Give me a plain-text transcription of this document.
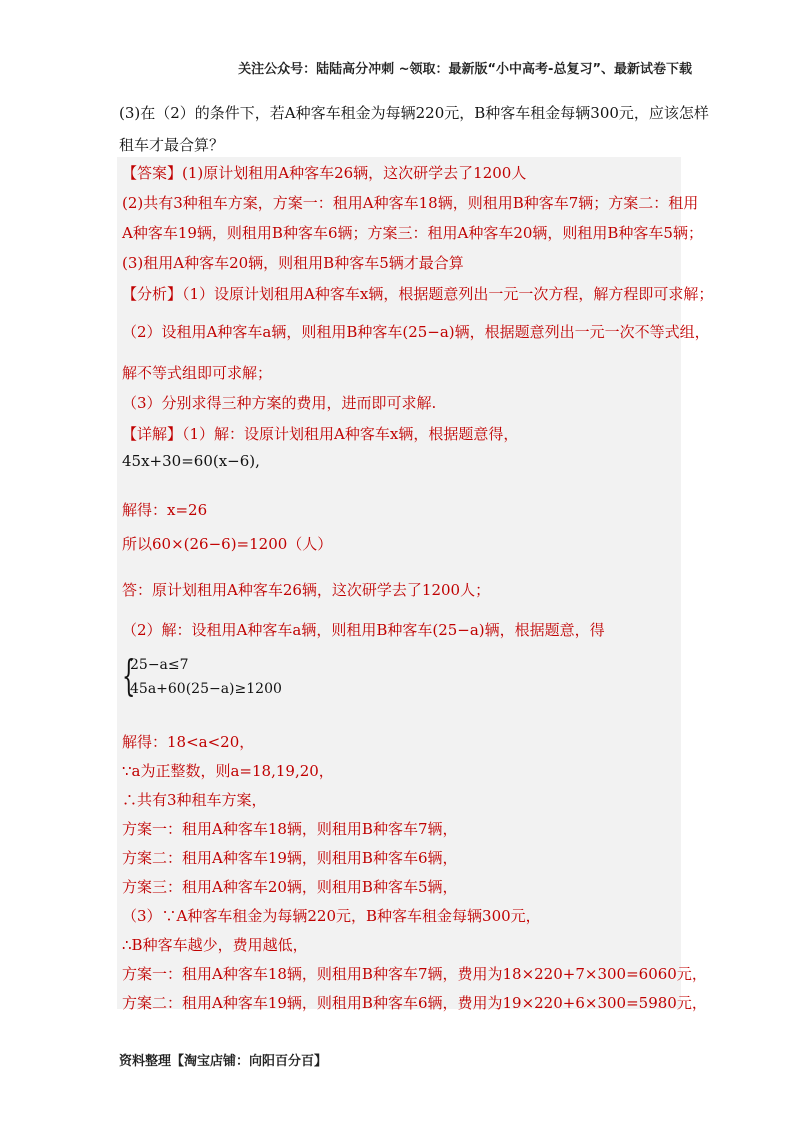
关注公众号：陆陆高分冲刺 ~领取：最新版“小中高考-总复习”、最新试卷下载
(3)在（2）的条件下，若A种客车租金为每辆220元，B种客车租金每辆300元，应该怎样
租车才最合算？
【答案】(1)原计划租用A种客车26辆，这次研学去了1200人
(2)共有3种租车方案，方案一：租用A种客车18辆，则租用B种客车7辆；方案二：租用
A种客车19辆，则租用B种客车6辆；方案三：租用A种客车20辆，则租用B种客车5辆；
(3)租用A种客车20辆，则租用B种客车5辆才最合算
【分析】（1）设原计划租用A种客车x辆，根据题意列出一元一次方程，解方程即可求解；
（2）设租用A种客车a辆，则租用B种客车(25−a)辆，根据题意列出一元一次不等式组，
解不等式组即可求解；
（3）分别求得三种方案的费用，进而即可求解.
【详解】（1）解：设原计划租用A种客车x辆，根据题意得，
45x+30=60(x−6),
解得：x=26
所以60×(26−6)=1200（人）
答：原计划租用A种客车26辆，这次研学去了1200人；
（2）解：设租用A种客车a辆，则租用B种客车(25−a)辆，根据题意，得
{
25−a≤7
45a+60(25−a)≥1200
解得：18<a<20，
∵a为正整数，则a=18,19,20，
∴共有3种租车方案，
方案一：租用A种客车18辆，则租用B种客车7辆，
方案二：租用A种客车19辆，则租用B种客车6辆，
方案三：租用A种客车20辆，则租用B种客车5辆，
（3）∵A种客车租金为每辆220元，B种客车租金每辆300元，
∴B种客车越少，费用越低，
方案一：租用A种客车18辆，则租用B种客车7辆，费用为18×220+7×300=6060元，
方案二：租用A种客车19辆，则租用B种客车6辆，费用为19×220+6×300=5980元，
资料整理【淘宝店铺：向阳百分百】
